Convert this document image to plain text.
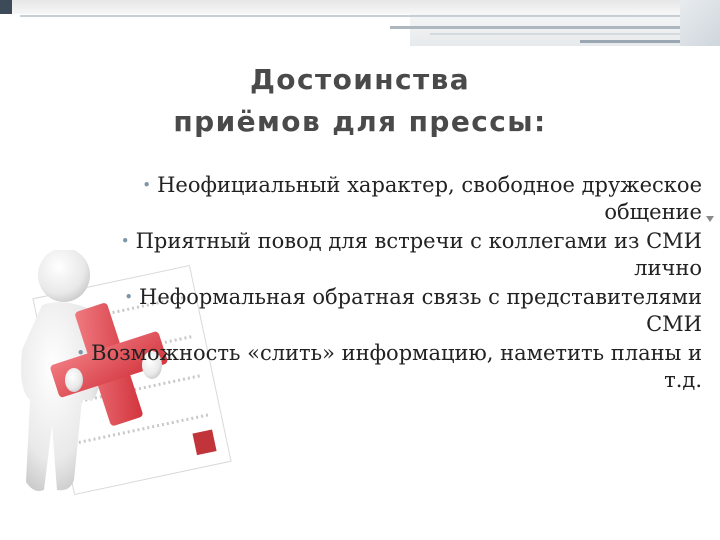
Достоинства
приёмов для прессы:
• Неофициальный характер, свободное дружеское общение
• Приятный повод для встречи с коллегами из СМИ лично
• Неформальная обратная связь с представителями СМИ
• Возможность «слить» информацию, наметить планы и т.д.
